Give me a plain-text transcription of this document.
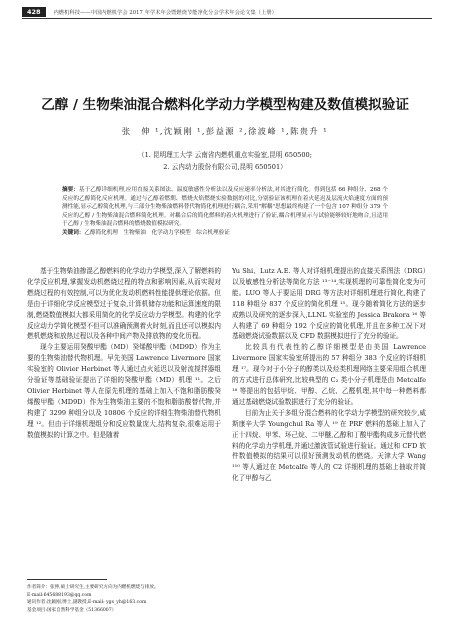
428	内燃机科技——中国内燃机学会 2017 年学术年会暨燃烧节能净化分会学术年会论文集（上册）
乙醇 / 生物柴油混合燃料化学动力学模型构建及数值模拟验证
张　伸 ¹,沈颖刚 ¹,彭益源 ²,徐波峰 ¹,陈贵升 ¹
（1. 昆明理工大学 云南省内燃机重点实验室,昆明 650500;
2. 云内动力股份有限公司,昆明 650501）
摘要：基于乙醇详细机理,应用直接关系图法、温度敏感性分析法以及反应速率分析法,对其进行简化。得到包括 66 种组分、268 个反应的乙醇简化反应机理。通过与乙醇着燃期、燃烧火焰燃烧实验数据的对比,分别验证该机理在着火延迟及层流火焰速度方面的预测性能,显示乙醇简化机理,与三部分生物柴油燃料替代物简化机理进行耦合,采用"解耦"思想最终构建了一个包含 107 种组分 379 个反应的乙醇 / 生物柴油混合燃料简化机理。对耦合后的简化燃料的着火机理进行了验证,耦合机理显示与试验能够较好地吻合,且适用于乙醇 / 生物柴油混合燃料的燃烧数值模拟研究。
关键词：乙醇简化机理　生物柴油　化学动力学模型　综合机理验证

基于生物柴油掺混乙醇燃料的化学动力学模型,深入了解燃料的化学反应机理,掌握发动机燃烧过程的特点和影响因素,从而实现对燃烧过程的有效控制,可以为优化发动机燃料性能提供理论依据。但是由于详细化学反应模型过于复杂,计算机储存功能和运算速度的限制,燃烧数值模拟大都采用简化的化学反应动力学模型。构建的化学反应动力学简化模型不但可以准确预测着火时刻,而且还可以模拟内燃机燃烧和放热过程以及各种中间产物及排放物的变化历程。

现今主要运用癸酸甲酯（MD）癸烯酸甲酯（MD9D）作为主要的生物柴油替代物机理。早先美国 Lawrence Livermore 国家实验室的 Olivier Herbinet 等人通过点火延迟以及射流搅拌器组分验证等基础验证提出了详细的癸酸甲酯（MD）机理 ¹¹。之后 Olivier Herbinet 等人在原先机理的基础上加入不饱和脂肪酸癸烯酸甲酯（MD9D）作为生物柴油主要的不饱和脂肪酸替代物,并构建了 3299 种组分以及 10806 个反应的详细生物柴油替代物机理 ¹²。但由于详细机理组分和反应数量庞大,结构复杂,很难运用于数值模拟的计算之中。但是随着

Yu Shi、Lutz A.E. 等人对详细机理提出的直接关系图法（DRG）以及敏感性分析法等简化方法 ¹³⁻¹⁴,实现机理的可靠性简化变为可能。LUO 等人于要运用 DRG 等方法对详细机理进行简化,构建了 118 种组分 837 个反应的简化机理 ¹⁵。现今随着简化方法的逐步成熟以及研究的逐步深入,LLNL 实验室的 Jessica Brakora ¹⁶ 等人构建了 69 种组分 192 个反应的简化机理,并且在多种工况下对基础燃烧试验数据以及 CFD 数据模拟进行了充分的验证。

比较具有代表性的乙醇详细模型是由美国 Lawrence Livermore 国家实验室所提出的 57 种组分 383 个反应的详细机理 ¹⁷。现今对于小分子的醇类以及烃类机理网络主要采用组合机理的方式进行总体研究,比较典型的 C₂ 类小分子机理是由 Metcalfe ¹⁸ 等提出的包括甲烷、甲醇、乙烷、乙醛机理,其中每一种燃料都通过基础燃烧试验数据进行了充分的验证。

目前为止关于多组分混合燃料的化学动力学模型的研究较少,威斯康辛大学 Youngchul Ra 等人 ¹⁹ 在 PRF 燃料的基础上加入了正十四烷、甲苯、环己烷、二甲醚,乙醇和丁酸甲酯构成多元替代燃料的化学动力学机理,并通过激波管试验进行验证。通过和 CFD 软件数值模拟的结果可以很好预测发动机的燃烧。天津大学 Wang ¹¹⁰ 等人通过在 Metcalfe 等人的 C2 详细机理的基础上抽取并简化了甲醇与乙

作者简介：张伸,硕士研究生,主要研究方向为内燃机燃烧与排放。
E-mail:645688193@qq.com
通讯作者:沈颖刚,博士,副教授,E-mail: ygs_yh@163.com
基金项目:国家自然科学基金（51366007）
